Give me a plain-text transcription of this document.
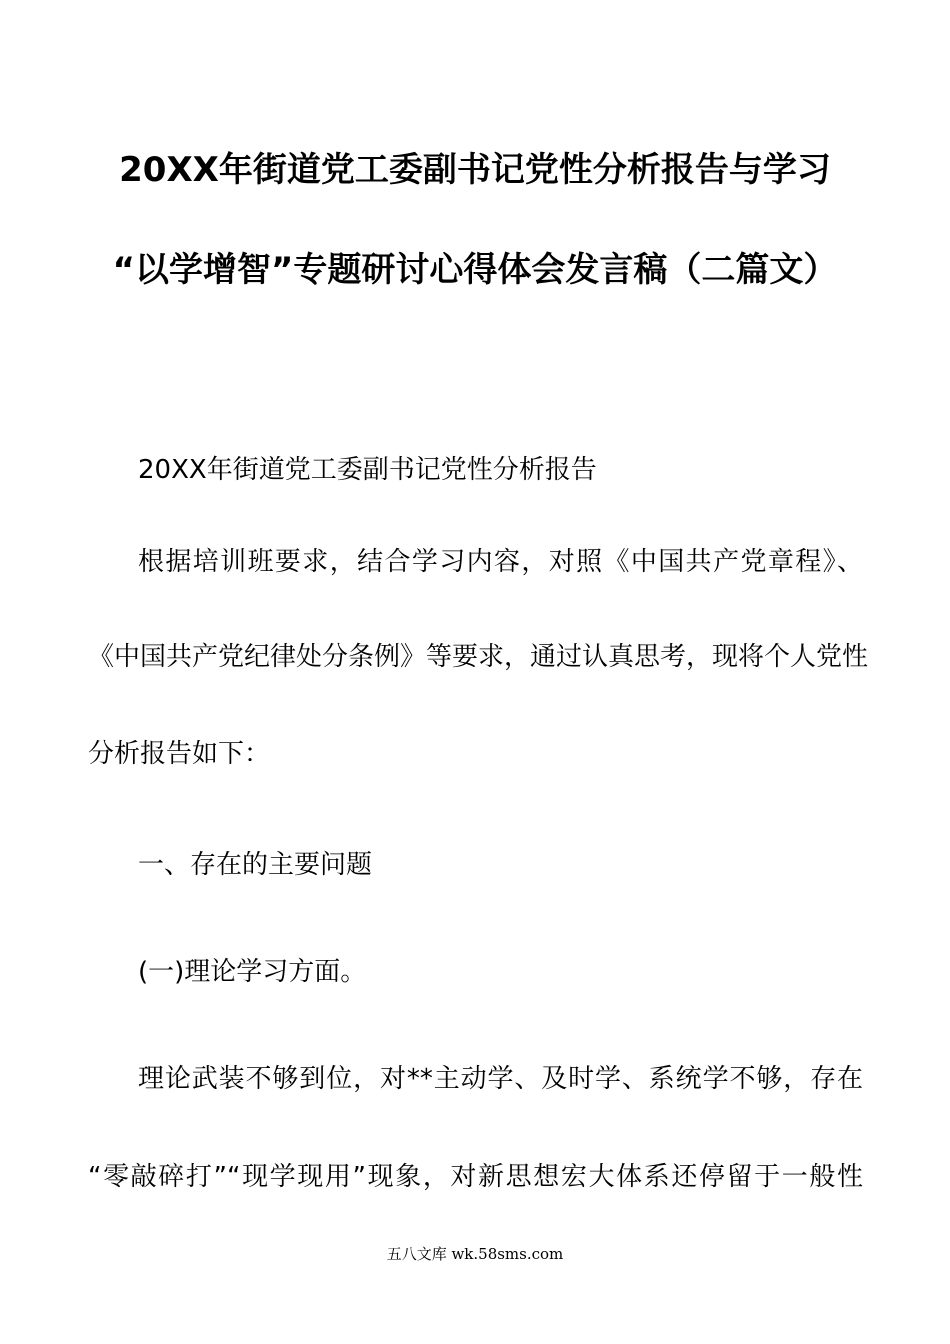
20XX年街道党工委副书记党性分析报告与学习
“以学增智”专题研讨心得体会发言稿（二篇文）
20XX年街道党工委副书记党性分析报告
根据培训班要求，结合学习内容，对照《中国共产党章程》、
《中国共产党纪律处分条例》等要求，通过认真思考，现将个人党性
分析报告如下：
一、存在的主要问题
(一)理论学习方面。
理论武装不够到位，对**主动学、及时学、系统学不够，存在
“零敲碎打”“现学现用”现象，对新思想宏大体系还停留于一般性
五八文库 wk.58sms.com
